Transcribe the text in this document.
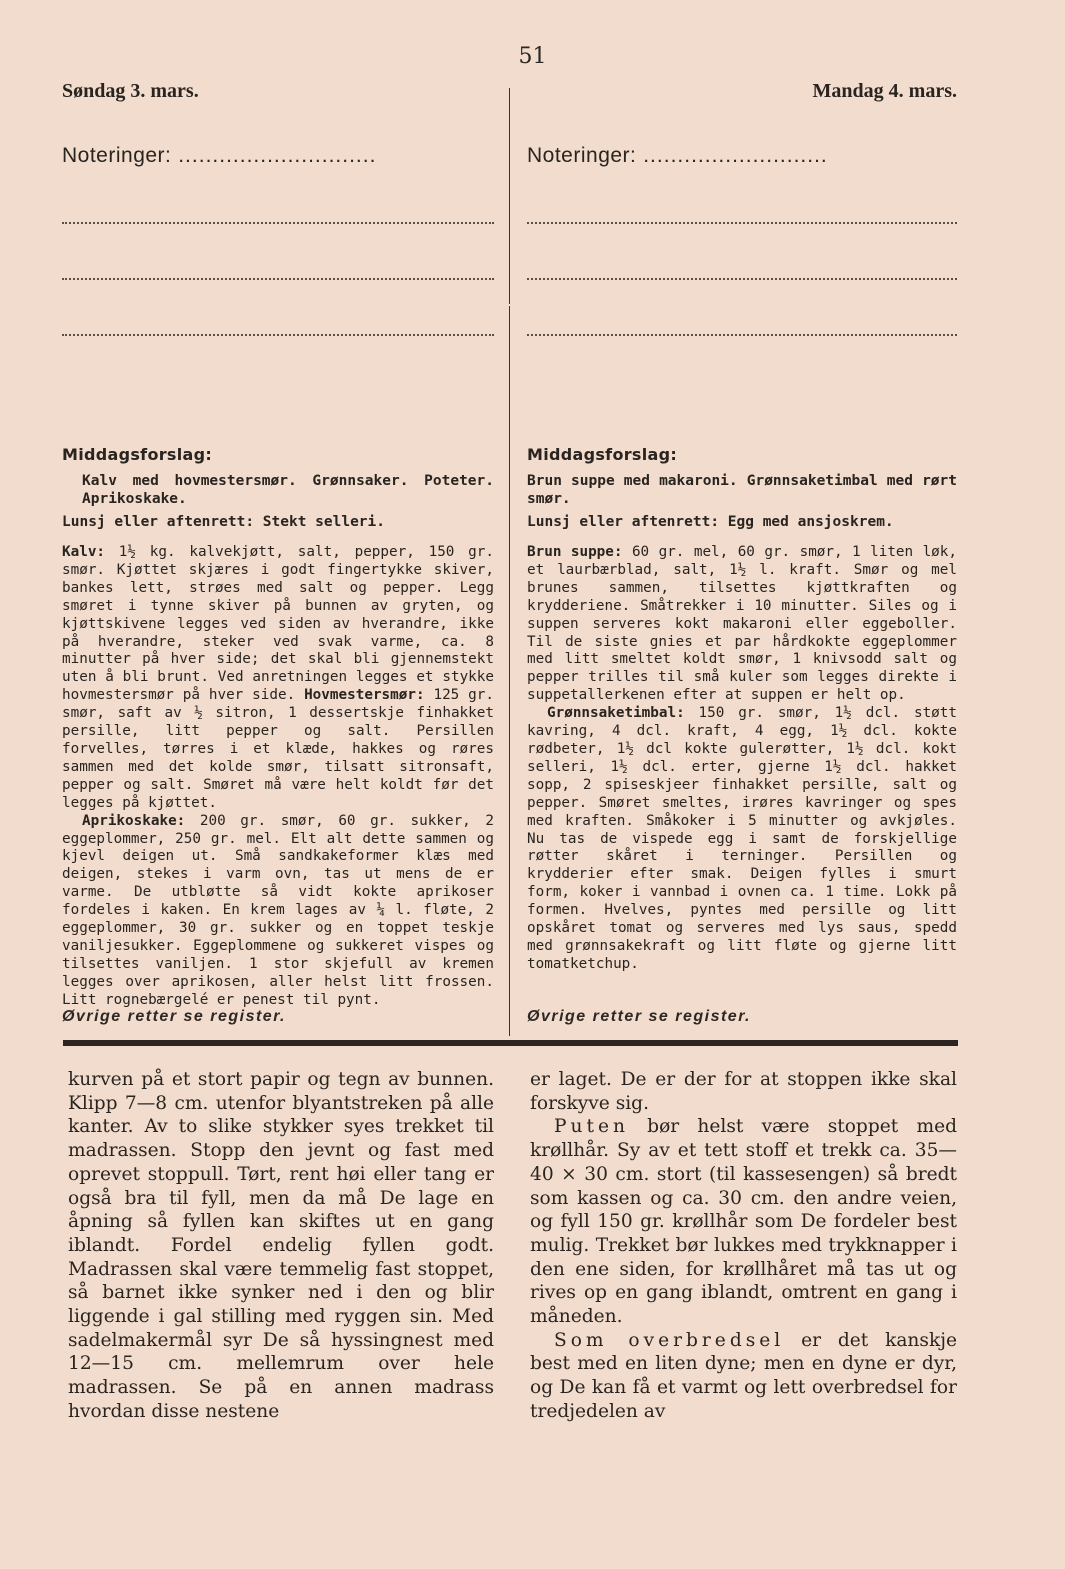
51
Søndag 3. mars.
Noteringer: .............................
Middagsforslag:
Kalv med hovmestersmør. Grønnsaker. Poteter. Aprikoskake.
Lunsj eller aftenrett: Stekt selleri.

Kalv: 1½ kg. kalvekjøtt, salt, pepper, 150 gr. smør. Kjøttet skjæres i godt fingertykke skiver, bankes lett, strøes med salt og pepper. Legg smøret i tynne skiver på bunnen av gryten, og kjøttskivene legges ved siden av hverandre, ikke på hverandre, steker ved svak varme, ca. 8 minutter på hver side; det skal bli gjennemstekt uten å bli brunt. Ved anretningen legges et stykke hovmestersmør på hver side. Hovmestersmør: 125 gr. smør, saft av ½ sitron, 1 dessertskje finhakket persille, litt pepper og salt. Persillen forvelles, tørres i et klæde, hakkes og røres sammen med det kolde smør, tilsatt sitronsaft, pepper og salt. Smøret må være helt koldt før det legges på kjøttet.

Aprikoskake: 200 gr. smør, 60 gr. sukker, 2 eggeplommer, 250 gr. mel. Elt alt dette sammen og kjevl deigen ut. Små sandkakeformer klæs med deigen, stekes i varm ovn, tas ut mens de er varme. De utbløtte så vidt kokte aprikoser fordeles i kaken. En krem lages av ¼ l. fløte, 2 eggeplommer, 30 gr. sukker og en toppet teskje vaniljesukker. Eggeplommene og sukkeret vispes og tilsettes vaniljen. 1 stor skjefull av kremen legges over aprikosen, aller helst litt frossen. Litt rognebærgelé er penest til pynt.

Øvrige retter se register.
Mandag 4. mars.
Noteringer: ...........................
Middagsforslag:
Brun suppe med makaroni. Grønnsaketimbal med rørt smør.
Lunsj eller aftenrett: Egg med ansjoskrem.

Brun suppe: 60 gr. mel, 60 gr. smør, 1 liten løk, et laurbærblad, salt, 1½ l. kraft. Smør og mel brunes sammen, tilsettes kjøttkraften og krydderiene. Småtrekker i 10 minutter. Siles og i suppen serveres kokt makaroni eller eggeboller. Til de siste gnies et par hårdkokte eggeplommer med litt smeltet koldt smør, 1 knivsodd salt og pepper trilles til små kuler som legges direkte i suppetallerkenen efter at suppen er helt op.

Grønnsaketimbal: 150 gr. smør, 1½ dcl. støtt kavring, 4 dcl. kraft, 4 egg, 1½ dcl. kokte rødbeter, 1½ dcl kokte gulerøtter, 1½ dcl. kokt selleri, 1½ dcl. erter, gjerne 1½ dcl. hakket sopp, 2 spiseskjeer finhakket persille, salt og pepper. Smøret smeltes, irøres kavringer og spes med kraften. Småkoker i 5 minutter og avkjøles. Nu tas de vispede egg i samt de forskjellige røtter skåret i terninger. Persillen og krydderier efter smak. Deigen fylles i smurt form, koker i vannbad i ovnen ca. 1 time. Lokk på formen. Hvelves, pyntes med persille og litt opskåret tomat og serveres med lys saus, spedd med grønnsakekraft og litt fløte og gjerne litt tomatketchup.

Øvrige retter se register.

kurven på et stort papir og tegn av bunnen. Klipp 7—8 cm. utenfor blyantstreken på alle kanter. Av to slike stykker syes trekket til madrassen. Stopp den jevnt og fast med oprevet stoppull. Tørt, rent høi eller tang er også bra til fyll, men da må De lage en åpning så fyllen kan skiftes ut en gang iblandt. Fordel endelig fyllen godt. Madrassen skal være temmelig fast stoppet, så barnet ikke synker ned i den og blir liggende i gal stilling med ryggen sin. Med sadelmakermål syr De så hyssingnest med 12—15 cm. mellemrum over hele madrassen. Se på en annen madrass hvordan disse nestene

er laget. De er der for at stoppen ikke skal forskyve sig.

Puten bør helst være stoppet med krøllhår. Sy av et tett stoff et trekk ca. 35—40 × 30 cm. stort (til kassesengen) så bredt som kassen og ca. 30 cm. den andre veien, og fyll 150 gr. krøllhår som De fordeler best mulig. Trekket bør lukkes med trykknapper i den ene siden, for krøllhåret må tas ut og rives op en gang iblandt, omtrent en gang i måneden.

Som overbredsel er det kanskje best med en liten dyne; men en dyne er dyr, og De kan få et varmt og lett overbredsel for tredjedelen av
